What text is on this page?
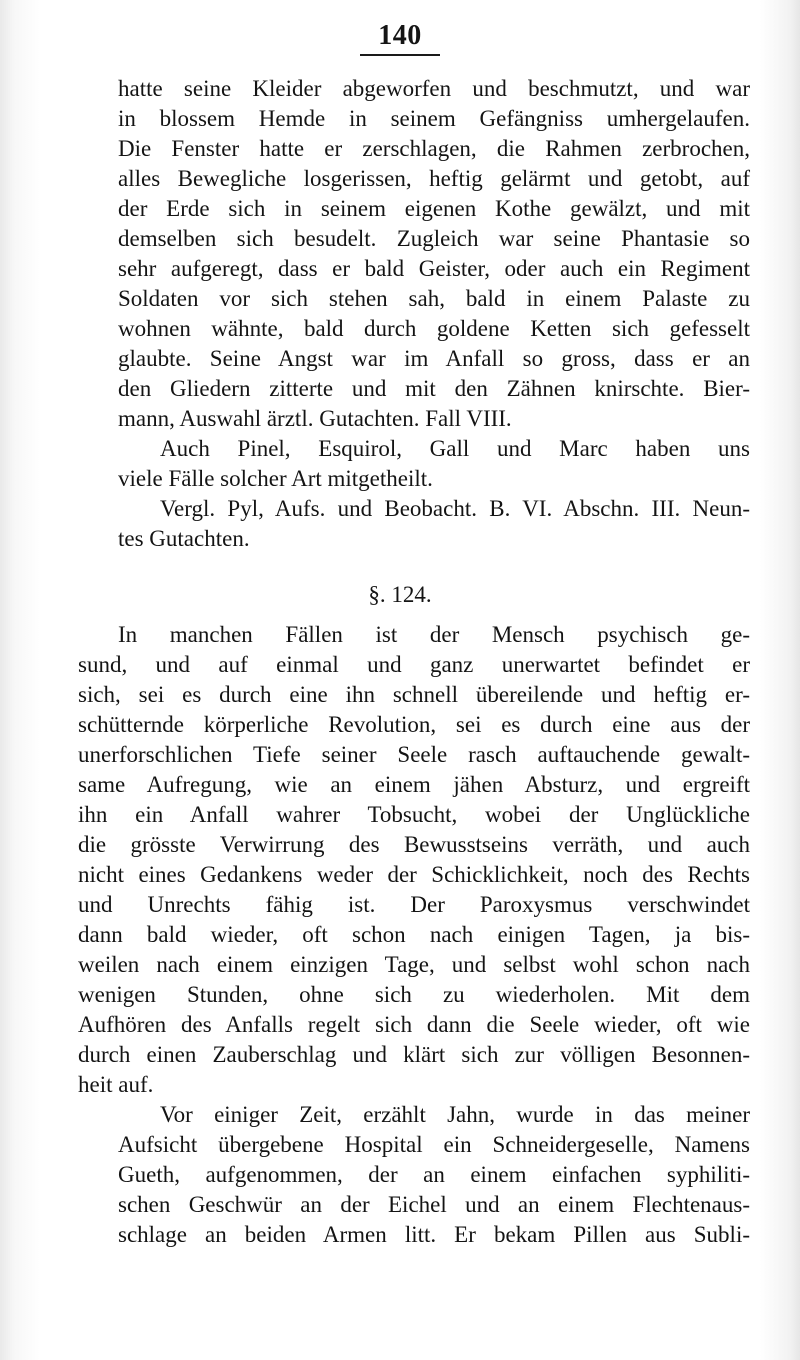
140
hatte seine Kleider abgeworfen und beschmutzt, und war
in blossem Hemde in seinem Gefängniss umhergelaufen.
Die Fenster hatte er zerschlagen, die Rahmen zerbrochen,
alles Bewegliche losgerissen, heftig gelärmt und getobt, auf
der Erde sich in seinem eigenen Kothe gewälzt, und mit
demselben sich besudelt. Zugleich war seine Phantasie so
sehr aufgeregt, dass er bald Geister, oder auch ein Regiment
Soldaten vor sich stehen sah, bald in einem Palaste zu
wohnen wähnte, bald durch goldene Ketten sich gefesselt
glaubte. Seine Angst war im Anfall so gross, dass er an
den Gliedern zitterte und mit den Zähnen knirschte. Bier-
mann, Auswahl ärztl. Gutachten. Fall VIII.
Auch Pinel, Esquirol, Gall und Marc haben uns
viele Fälle solcher Art mitgetheilt.
Vergl. Pyl, Aufs. und Beobacht. B. VI. Abschn. III. Neun-
tes Gutachten.
§. 124.
In manchen Fällen ist der Mensch psychisch ge-
sund, und auf einmal und ganz unerwartet befindet er
sich, sei es durch eine ihn schnell übereilende und heftig er-
schütternde körperliche Revolution, sei es durch eine aus der
unerforschlichen Tiefe seiner Seele rasch auftauchende gewalt-
same Aufregung, wie an einem jähen Absturz, und ergreift
ihn ein Anfall wahrer Tobsucht, wobei der Unglückliche
die grösste Verwirrung des Bewusstseins verräth, und auch
nicht eines Gedankens weder der Schicklichkeit, noch des Rechts
und Unrechts fähig ist. Der Paroxysmus verschwindet
dann bald wieder, oft schon nach einigen Tagen, ja bis-
weilen nach einem einzigen Tage, und selbst wohl schon nach
wenigen Stunden, ohne sich zu wiederholen. Mit dem
Aufhören des Anfalls regelt sich dann die Seele wieder, oft wie
durch einen Zauberschlag und klärt sich zur völligen Besonnen-
heit auf.
Vor einiger Zeit, erzählt Jahn, wurde in das meiner
Aufsicht übergebene Hospital ein Schneidergeselle, Namens
Gueth, aufgenommen, der an einem einfachen syphiliti-
schen Geschwür an der Eichel und an einem Flechtenaus-
schlage an beiden Armen litt. Er bekam Pillen aus Subli-
